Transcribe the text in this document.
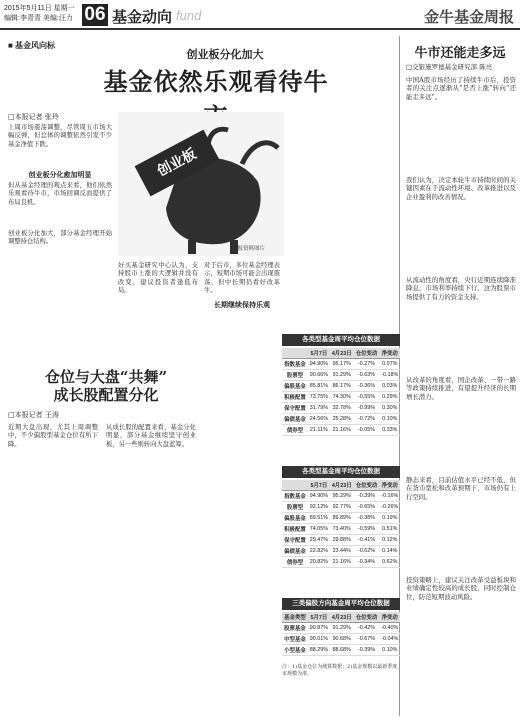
2015年5月11日 星期一
编辑:李青青 美编:汪力 06 基金动向 fund	金牛基金周报
■ 基金风向标
创业板分化加大
基金依然乐观看待牛
□本报记者 张玲
上周市场震荡调整，尽管周五市场大幅反弹，但总体的调整依然引发不少基金净值下跌。
创业板分化愈加明显
但从基金经理的观点来看，他们依然乐观看待牛市，市场回调反而提供了布局良机。
创业板分化加大，部分基金经理开始调整持仓结构。
创业板
本报资料图片
好买基金研究中心认为，支持股市上涨的大逻辑并没有改变，建议投资者逢低布局。
对于后市，多位基金经理表示，短期市场可能会出现震荡，但中长期仍看好改革牛。
长期继续保持乐观
仓位与大盘“共舞”
成长股配置分化
□本报记者 王涛
近期大盘出现，尤其上周调整中，不少偏股型基金仓位有所下降。
从成长股的配置来看，基金分化明显，部分基金继续坚守创业板，另一些则转向大盘蓝筹。
各类型基金周平均仓位数据
	5月7日	4月23日	仓位变动	净变动
指数基金	94.90%	95.17%	-0.27%	0.07%
股票型	90.66%	91.29%	-0.63%	-0.18%
偏股基金	85.81%	86.17%	-0.36%	0.03%
积极配置	73.75%	74.30%	-0.55%	0.29%
保守配置	31.79%	32.78%	-0.99%	0.30%
偏债基金	24.56%	25.28%	-0.72%	0.10%
债券型	21.11%	21.16%	-0.05%	0.33%
各类型基金周平均仓位数据
	5月7日	4月23日	仓位变动	净变动
指数基金	94.90%	95.29%	-0.39%	-0.16%
股票型	92.12%	92.77%	-0.65%	-0.26%
偏股基金	89.51%	89.89%	-0.38%	0.19%
积极配置	74.05%	73.40%	-0.59%	0.51%
保守配置	29.47%	29.88%	-0.41%	0.12%
偏债基金	22.82%	23.44%	-0.62%	0.14%
债券型	20.82%	21.16%	-0.34%	0.62%
三类偏股方向基金周平均仓位数据
基金类型	5月7日	4月23日	仓位变动	净变动
股票基金	90.87%	91.29%	-0.42%	-0.40%
中型基金	90.01%	90.68%	-0.67%	-0.04%
小型基金	88.29%	88.68%	-0.39%	0.10%
注：1)基金仓位为测算数据；2)基金规模以最新季度末规模为准。
牛市还能走多远
□交银施罗德基金研究部 陈亮
中国A股市场经历了持续牛市后，投资者的关注点逐渐从“是否上涨”转向“还能走多远”。
我们认为，决定本轮牛市持续时间的关键因素在于流动性环境、改革推进以及企业盈利的改善情况。
从流动性的角度看，央行近期连续降准降息，市场利率持续下行，这为股票市场提供了有力的资金支持。
从改革的角度看，国企改革、一带一路等政策持续推进，有望提升经济的长期增长潜力。
静态来看，目前估值水平已经不低，但在货币宽松和改革预期下，市场仍有上行空间。
投资策略上，建议关注改革受益板块和业绩确定性较高的成长股，同时控制仓位，防范短期波动风险。
